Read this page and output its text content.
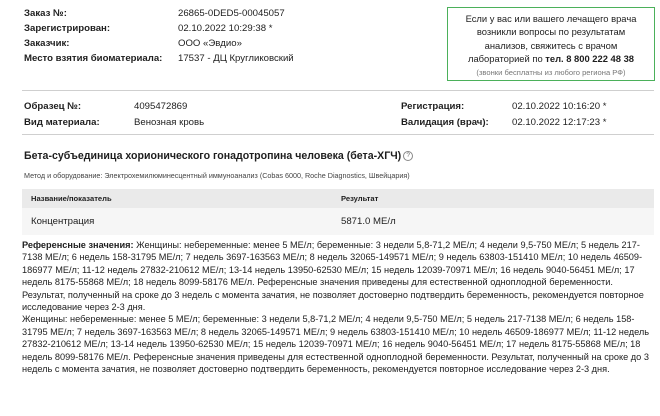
Заказ №:	26865-0DED5-00045057
Зарегистрирован:	02.10.2022 10:29:38 *
Заказчик:	ООО «Эвдио»
Место взятия биоматериала: 17537 - ДЦ Кругликовский
Если у вас или вашего лечащего врача
возникли вопросы по результатам
анализов, свяжитесь с врачом
лабораторией по тел. 8 800 222 48 38
(звонки бесплатны из любого региона РФ)
Образец №:	4095472869
Вид материала:	Венозная кровь
Регистрация:	02.10.2022 10:16:20 *
Валидация (врач): 02.10.2022 12:17:23 *
Бета-субъединица хорионического гонадотропина человека (бета-ХГЧ) ?
Метод и оборудование: Электрохемилюминесцентный иммуноанализ (Cobas 6000, Roche Diagnostics, Швейцария)
Название/показатель	Результат
Концентрация	5871.0 МЕ/л

Референсные значения: Женщины: небеременные: менее 5 МЕ/л; беременные: 3 недели 5,8-71,2 МЕ/л; 4 недели 9,5-750 МЕ/л; 5 недель 217-7138 МЕ/л; 6 недель 158-31795 МЕ/л; 7 недель 3697-163563 МЕ/л; 8 недель 32065-149571 МЕ/л; 9 недель 63803-151410 МЕ/л; 10 недель 46509-186977 МЕ/л; 11-12 недель 27832-210612 МЕ/л; 13-14 недель 13950-62530 МЕ/л; 15 недель 12039-70971 МЕ/л; 16 недель 9040-56451 МЕ/л; 17 недель 8175-55868 МЕ/л; 18 недель 8099-58176 МЕ/л. Референсные значения приведены для естественной одноплодной беременности. Результат, полученный на сроке до 3 недель с момента зачатия, не позволяет достоверно подтвердить беременность, рекомендуется повторное исследование через 2-3 дня.

Женщины: небеременные: менее 5 МЕ/л; беременные: 3 недели 5,8-71,2 МЕ/л; 4 недели 9,5-750 МЕ/л; 5 недель 217-7138 МЕ/л; 6 недель 158-31795 МЕ/л; 7 недель 3697-163563 МЕ/л; 8 недель 32065-149571 МЕ/л; 9 недель 63803-151410 МЕ/л; 10 недель 46509-186977 МЕ/л; 11-12 недель 27832-210612 МЕ/л; 13-14 недель 13950-62530 МЕ/л; 15 недель 12039-70971 МЕ/л; 16 недель 9040-56451 МЕ/л; 17 недель 8175-55868 МЕ/л; 18 недель 8099-58176 МЕ/л. Референсные значения приведены для естественной одноплодной беременности. Результат, полученный на сроке до 3 недель с момента зачатия, не позволяет достоверно подтвердить беременность, рекомендуется повторное исследование через 2-3 дня.
